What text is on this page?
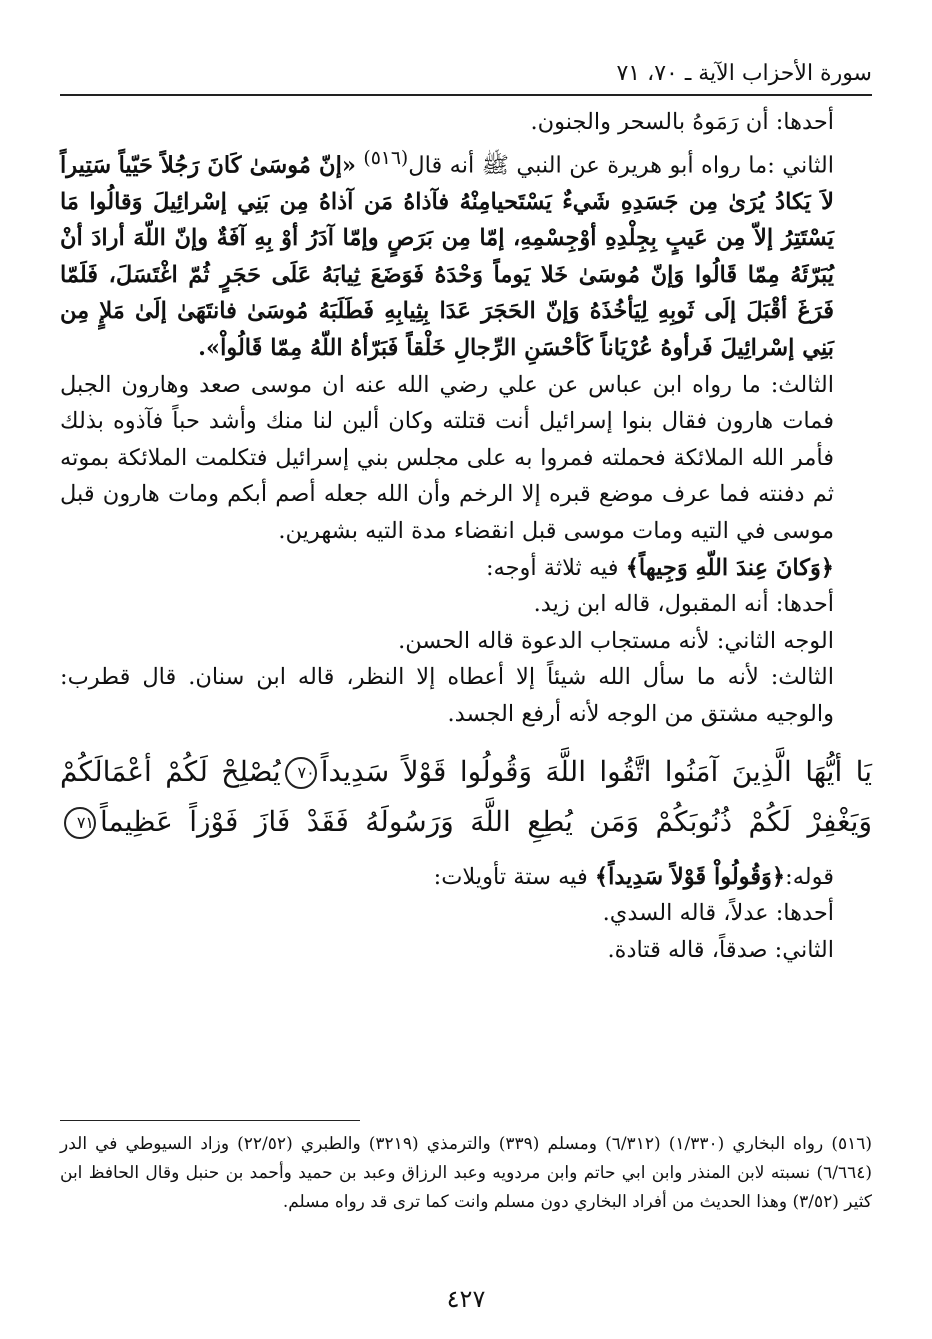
سورة الأحزاب الآية ـ ٧٠، ٧١

أحدها: أن رَمَوهُ بالسحر والجنون.

الثاني :ما رواه أبو هريرة عن النبي ﷺ أنه قال$^{(٥١٦)}$ «إنّ مُوسَىٰ كَانَ رَجُلاً حَيّياً سَتِيراً لاَ يَكادُ يُرَىٰ مِن جَسَدِهِ شَيءٌ يَسْتَحيامِنْهُ فآذاهُ مَن آذاهُ مِن بَنِي إسْرائِيلَ وَقالُوا مَا يَسْتَتِرُ إلاّ مِن عَيبٍ بِجِلْدِهِ أوْجِسْمِهِ، إمّا مِن بَرَصٍ وإمّا آدَرُ أوْ بِهِ آفَةٌ وإنّ اللّهَ أرادَ أنْ يُبَرّئَهُ مِمّا قَالُوا وَإنّ مُوسَىٰ خَلا يَوماً وَحْدَهُ فَوَضَعَ ثِيابَهُ عَلَى حَجَرٍ ثُمّ اغْتَسَلَ، فَلَمّا فَرَغَ أقْبَلَ إلَى ثَوبِهِ لِيَأخُذَهُ وَإنّ الحَجَرَ عَدَا بِثِيابِهِ فَطَلَبَهُ مُوسَىٰ فانتَهَىٰ إلَىٰ مَلإٍ مِن بَنِي إسْرائِيلَ فَرأوهُ عُرْيَاناً كَأحْسَنِ الرِّجالِ خَلْقاً فَبَرّأهُ اللّهُ مِمّا قَالُواْ».

الثالث: ما رواه ابن عباس عن علي رضي الله عنه ان موسى صعد وهارون الجبل فمات هارون فقال بنوا إسرائيل أنت قتلته وكان ألين لنا منك وأشد حباً فآذوه بذلك فأمر الله الملائكة فحملته فمروا به على مجلس بني إسرائيل فتكلمت الملائكة بموته ثم دفنته فما عرف موضع قبره إلا الرخم وأن الله جعله أصم أبكم ومات هارون قبل موسى في التيه ومات موسى قبل انقضاء مدة التيه بشهرين.

﴿وَكانَ عِندَ اللّهِ وَجِيهاً﴾ فيه ثلاثة أوجه:

أحدها: أنه المقبول، قاله ابن زيد.

الوجه الثاني: لأنه مستجاب الدعوة قاله الحسن.

الثالث: لأنه ما سأل الله شيئاً إلا أعطاه إلا النظر، قاله ابن سنان. قال قطرب: والوجيه مشتق من الوجه لأنه أرفع الجسد.

يَا أيُّهَا الَّذِينَ آمَنُوا اتَّقُوا اللَّهَ وَقُولُوا قَوْلاً سَدِيداً٧٠يُصْلِحْ لَكُمْ أعْمَالَكُمْ وَيَغْفِرْ لَكُمْ ذُنُوبَكُمْ وَمَن يُطِعِ اللَّهَ وَرَسُولَهُ فَقَدْ فَازَ فَوْزاً عَظِيماً٧١

قوله:﴿وَقُولُواْ قَوْلاً سَدِيداً﴾ فيه ستة تأويلات:

أحدها: عدلاً، قاله السدي.

الثاني: صدقاً، قاله قتادة.

(٥١٦) رواه البخاري (١/٣٣٠) (٦/٣١٢) ومسلم (٣٣٩) والترمذي (٣٢١٩) والطبري (٢٢/٥٢) وزاد السيوطي في الدر (٦/٦٦٤) نسبته لابن المنذر وابن ابي حاتم وابن مردويه وعبد الرزاق وعبد بن حميد وأحمد بن حنبل وقال الحافظ ابن كثير (٣/٥٢) وهذا الحديث من أفراد البخاري دون مسلم وانت كما ترى قد رواه مسلم.

٤٢٧
